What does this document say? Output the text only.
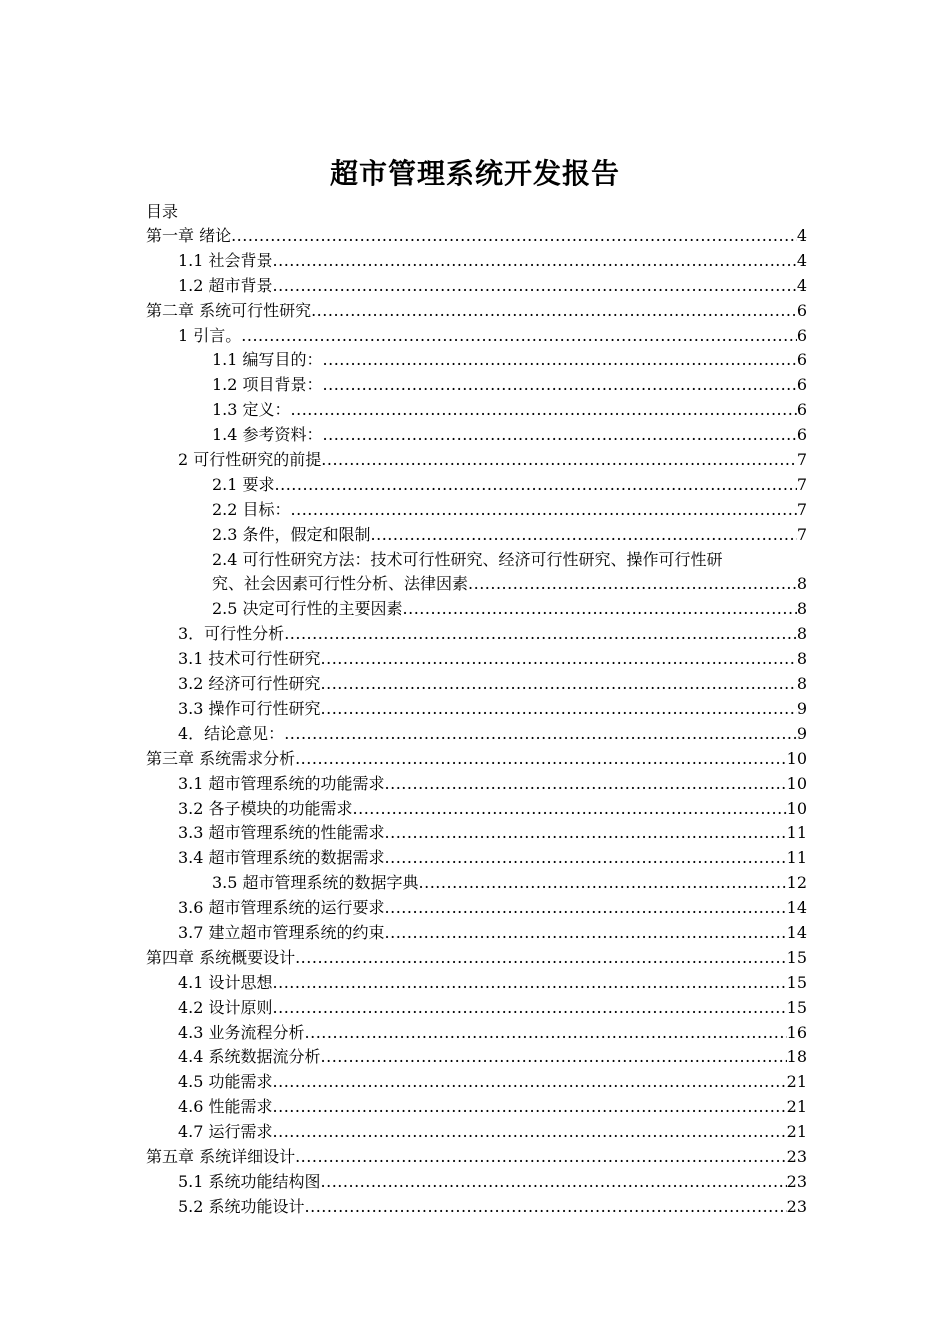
超市管理系统开发报告
目录
第一章 绪论 .....	4
1.1 社会背景 .....	4
1.2 超市背景 .....	4
第二章 系统可行性研究 .....	6
1 引言。 .....	6
1.1 编写目的： .....	6
1.2 项目背景： .....	6
1.3 定义： .....	6
1.4 参考资料： .....	6
2 可行性研究的前提 .....	7
2.1 要求 .....	7
2.2 目标： .....	7
2.3 条件，假定和限制 .....	7
2.4 可行性研究方法：技术可行性研究、经济可行性研究、操作可行性研
究、社会因素可行性分析、法律因素 .....	8
2.5 决定可行性的主要因素 .....	8
3．可行性分析 .....	8
3.1 技术可行性研究 .....	8
3.2 经济可行性研究 .....	8
3.3 操作可行性研究 .....	9
4．结论意见： .....	9
第三章 系统需求分析 .....	10
3.1 超市管理系统的功能需求 .....	10
3.2 各子模块的功能需求 .....	10
3.3 超市管理系统的性能需求 .....	11
3.4 超市管理系统的数据需求 .....	11
3.5 超市管理系统的数据字典 .....	12
3.6 超市管理系统的运行要求 .....	14
3.7 建立超市管理系统的约束 .....	14
第四章 系统概要设计 .....	15
4.1 设计思想 .....	15
4.2 设计原则 .....	15
4.3 业务流程分析 .....	16
4.4 系统数据流分析 .....	18
4.5 功能需求 .....	21
4.6 性能需求 .....	21
4.7 运行需求 .....	21
第五章 系统详细设计 .....	23
5.1 系统功能结构图 .....	23
5.2 系统功能设计 .....	23
